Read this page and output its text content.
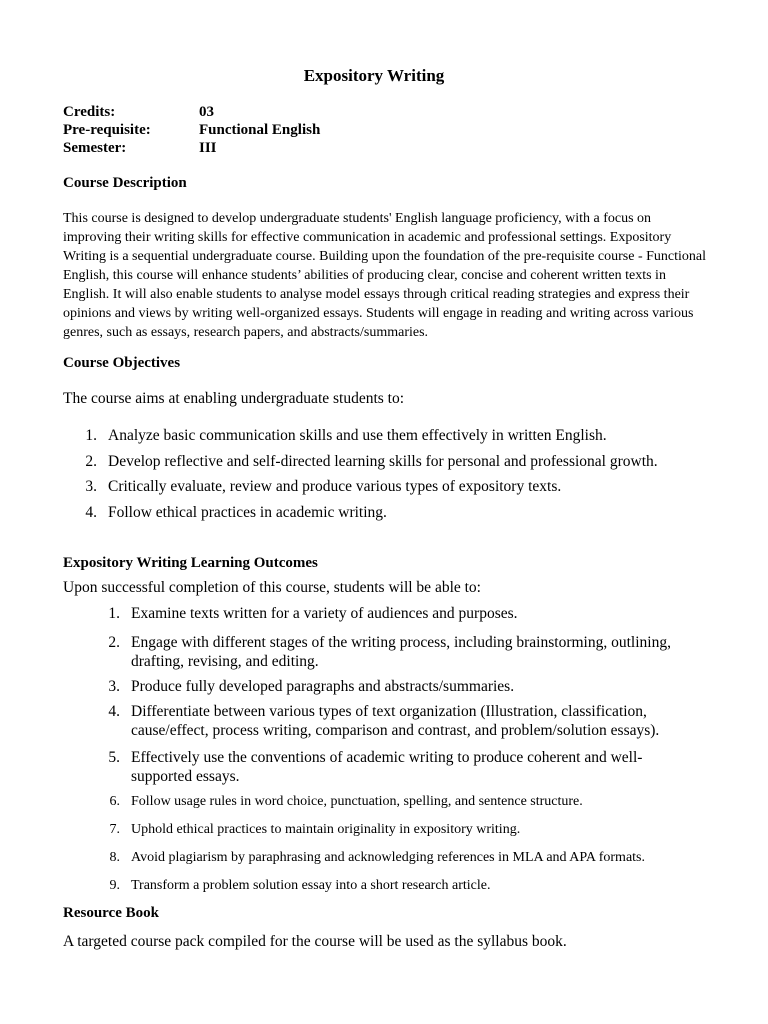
Expository Writing
Credits:	03
Pre-requisite:	Functional English
Semester:	III
Course Description

This course is designed to develop undergraduate students' English language proficiency, with a focus on improving their writing skills for effective communication in academic and professional settings. Expository Writing is a sequential undergraduate course. Building upon the foundation of the pre-requisite course - Functional English, this course will enhance students’ abilities of producing clear, concise and coherent written texts in English. It will also enable students to analyse model essays through critical reading strategies and express their opinions and views by writing well-organized essays. Students will engage in reading and writing across various genres, such as essays, research papers, and abstracts/summaries.

Course Objectives

The course aims at enabling undergraduate students to:

1. Analyze basic communication skills and use them effectively in written English.
2. Develop reflective and self-directed learning skills for personal and professional growth.
3. Critically evaluate, review and produce various types of expository texts.
4. Follow ethical practices in academic writing.
Expository Writing Learning Outcomes

Upon successful completion of this course, students will be able to:

1. Examine texts written for a variety of audiences and purposes.
2. Engage with different stages of the writing process, including brainstorming, outlining, drafting, revising, and editing.
3. Produce fully developed paragraphs and abstracts/summaries.
4. Differentiate between various types of text organization (Illustration, classification, cause/effect, process writing, comparison and contrast, and problem/solution essays).
5. Effectively use the conventions of academic writing to produce coherent and well-supported essays.
6. Follow usage rules in word choice, punctuation, spelling, and sentence structure.
7. Uphold ethical practices to maintain originality in expository writing.
8. Avoid plagiarism by paraphrasing and acknowledging references in MLA and APA formats.
9. Transform a problem solution essay into a short research article.
Resource Book

A targeted course pack compiled for the course will be used as the syllabus book.
